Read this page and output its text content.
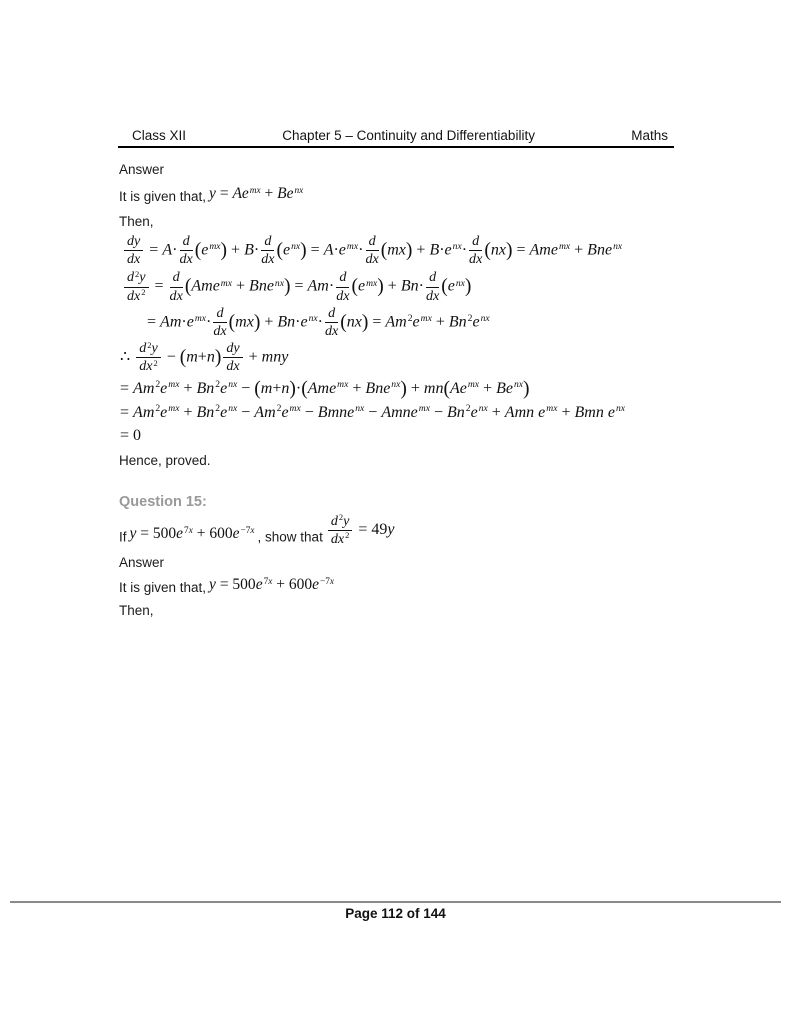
Class XII	Chapter 5 – Continuity and Differentiability	Maths

Answer

It is given that, $y = Ae^{mx} + Be^{nx}$

Then,

$\frac{dy}{dx} = A\cdot \frac{d}{dx} (e^{mx}) + B\cdot \frac{d}{dx} (e^{nx}) = A\cdot e^{mx}\cdot \frac{d}{dx} (mx) + B\cdot e^{nx}\cdot \frac{d}{dx} (nx) = Ame^{mx} + Bne^{nx}$
$\frac{d^2y}{dx^2} = \frac{d}{dx} (Ame^{mx} + Bne^{nx}) = Am\cdot \frac{d}{dx} (e^{mx}) + Bn\cdot \frac{d}{dx} (e^{nx})$
= $Am\cdot e^{mx}\cdot \frac{d}{dx} (mx) + Bn\cdot e^{nx}\cdot \frac{d}{dx} (nx) = Am^2e^{mx} + Bn^2e^{nx}$
∴ $\frac{d^2y}{dx^2} - (m+n) \frac{dy}{dx}$ + mny
= $Am^2e^{mx} + Bn^2e^{nx} - (m+n)\cdot(Ame^{mx} + Bne^{nx}) + mn(Ae^{mx} + Be^{nx})$
= $Am^2e^{mx} + Bn^2e^{nx} - Am^2e^{mx}$ − Bmne$^{nx}$ − Amne$^{mx}$ − $Bn^2e^{nx}$ + Amn $e^{mx}$ + Bmn $e^{nx}$
= 0

Hence, proved.

Question 15:

If $y = 500e^{7x} + 600e^{-7x}$ , show that $\frac{d^2y}{dx^2} = 49y$

Answer

It is given that, $y = 500e^{7x} + 600e^{-7x}$

Then,

Page 112 of 144
